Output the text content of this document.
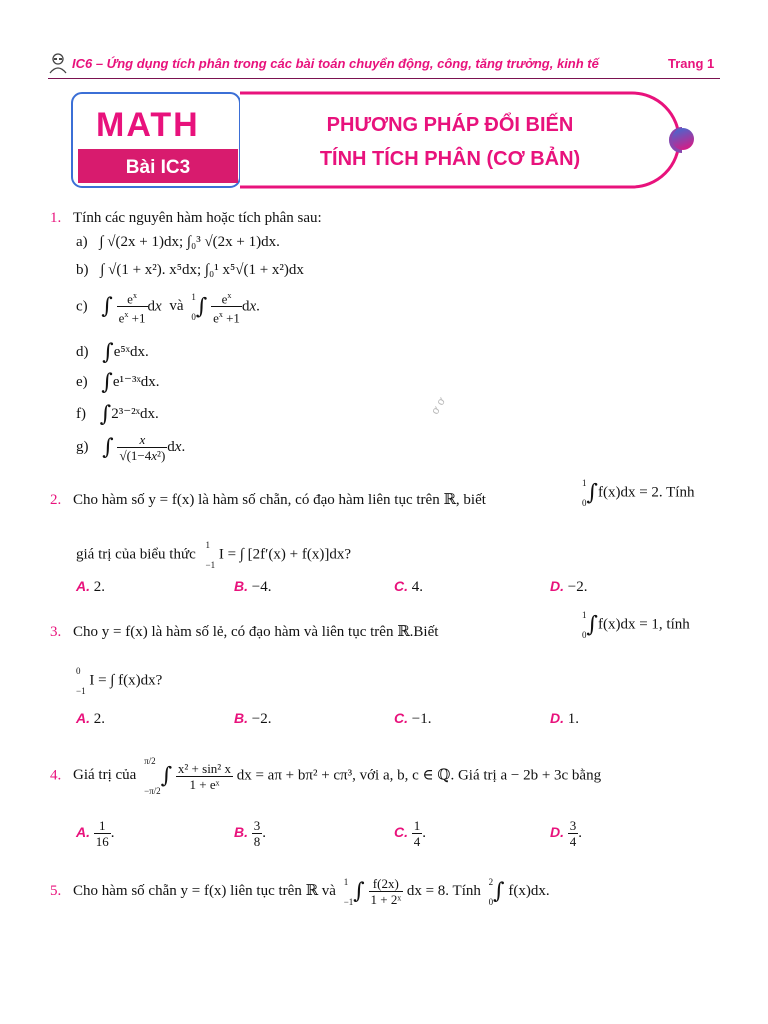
IC6 – Ứng dụng tích phân trong các bài toán chuyển động, công, tăng trưởng, kinh tế	Trang 1
MATH
Bài IC3
PHƯƠNG PHÁP ĐỔI BIẾN
TÍNH TÍCH PHÂN (CƠ BẢN)
1. Tính các nguyên hàm hoặc tích phân sau:
a) ∫ √(2x + 1)dx; ∫₀³ √(2x + 1)dx.
b) ∫ √(1 + x²). x⁵dx; ∫₀¹ x⁵√(1 + x²)dx
c) ∫ $\frac{e^x}{e^x +1}$ dx và 1

$0\int \frac{e^x}{e^x +1}$ dx.
d) ∫e⁵ˣdx.
e) ∫e¹⁻³ˣdx.
f) ∫2³⁻²ˣdx.
g) ∫ $\frac{x}{\text{√(1−4x²)}}$ dx.
ơ ơ
2. Cho hàm số y = f(x) là hàm số chẵn, có đạo hàm liên tục trên ℝ, biết
1

0∫f(x)dx = 2. Tính
giá trị của biểu thức 1

−1 I = ∫ [2f′(x) + f(x)]dx?
A. 2.	B. −4.	C. 4.	D. −2.
3. Cho y = f(x) là hàm số lẻ, có đạo hàm và liên tục trên ℝ.Biết
1

0∫f(x)dx = 1, tính
0

−1 I = ∫ f(x)dx?
A. 2.	B. −2.	C. −1.	D. 1.
4. Giá trị của π/2

$-\pi/2\int \frac{\text{x² + sin² x}}{\text{1 + eˣ}}$ dx = aπ + bπ² + cπ³, với a, b, c ∈ ℚ. Giá trị a − 2b + 3c bằng
A. $\frac{1}{16}$ .	B. $\frac{3}{8}$ .	C. $\frac{1}{4}$ .	D. $\frac{3}{4}$ .
5. Cho hàm số chẵn y = f(x) liên tục trên ℝ và 1

$-1\int \frac{f(2x)}{\text{1 + 2ˣ}}$ dx = 8. Tính 2

0∫ f(x)dx.
